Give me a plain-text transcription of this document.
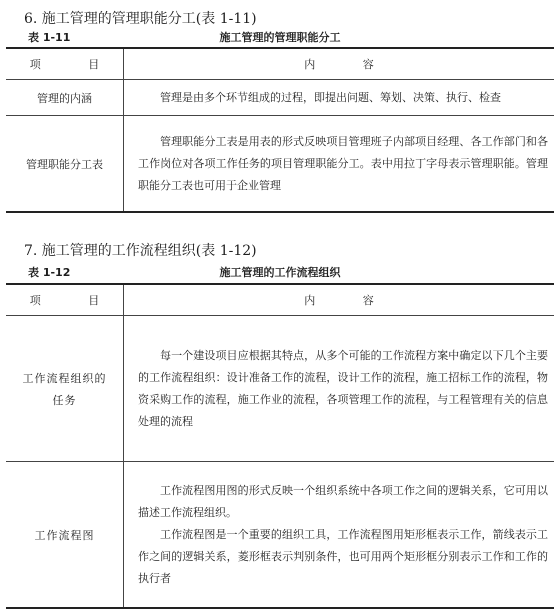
6. 施工管理的管理职能分工(表 1-11)
表 1-11	施工管理的管理职能分工
项 目	内 容
管理的内涵	管理是由多个环节组成的过程，即提出问题、筹划、决策、执行、检查

管理职能分工表	管理职能分工表是用表的形式反映项目管理班子内部项目经理、各工作部门和各工作岗位对各项工作任务的项目管理职能分工。表中用拉丁字母表示管理职能。管理职能分工表也可用于企业管理

7. 施工管理的工作流程组织(表 1-12)
表 1-12	施工管理的工作流程组织
项 目	内 容

工作流程组织的
任务	每一个建设项目应根据其特点，从多个可能的工作流程方案中确定以下几个主要的工作流程组织：设计准备工作的流程，设计工作的流程，施工招标工作的流程，物资采购工作的流程，施工作业的流程，各项管理工作的流程，与工程管理有关的信息处理的流程

工作流程图	工作流程图用图的形式反映一个组织系统中各项工作之间的逻辑关系，它可用以描述工作流程组织。

工作流程图是一个重要的组织工具，工作流程图用矩形框表示工作，箭线表示工作之间的逻辑关系，菱形框表示判别条件，也可用两个矩形框分别表示工作和工作的执行者
